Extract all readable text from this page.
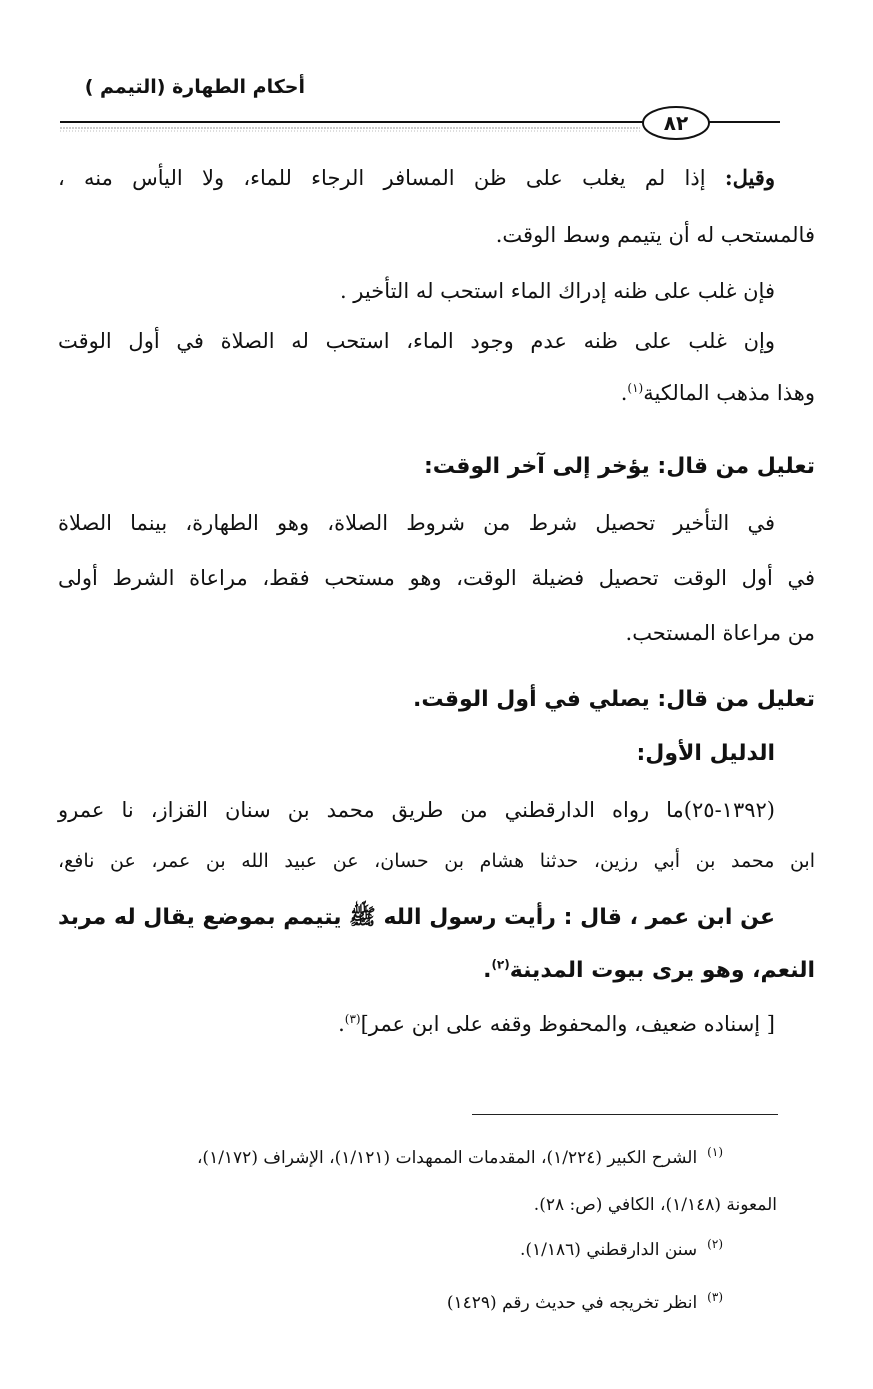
أحكام الطهارة (التيمم )
٨٢
وقيل: إذا لم يغلب على ظن المسافر الرجاء للماء، ولا اليأس منه ،
فالمستحب له أن يتيمم وسط الوقت.
فإن غلب على ظنه إدراك الماء استحب له التأخير .
وإن غلب على ظنه عدم وجود الماء، استحب له الصلاة في أول الوقت
وهذا مذهب المالكية$^{(١)}$.
تعليل من قال: يؤخر إلى آخر الوقت:
في التأخير تحصيل شرط من شروط الصلاة، وهو الطهارة، بينما الصلاة
في أول الوقت تحصيل فضيلة الوقت، وهو مستحب فقط، مراعاة الشرط أولى
من مراعاة المستحب.
تعليل من قال: يصلي في أول الوقت.
الدليل الأول:
(١٣٩٢-٢٥)ما رواه الدارقطني من طريق محمد بن سنان القزاز، نا عمرو
ابن محمد بن أبي رزين، حدثنا هشام بن حسان، عن عبيد الله بن عمر، عن نافع،
عن ابن عمر ، قال : رأيت رسول الله ﷺ يتيمم بموضع يقال له مربد
النعم، وهو يرى بيوت المدينة$^{(٢)}$.
[ إسناده ضعيف، والمحفوظ وقفه على ابن عمر]$^{(٣)}$.
$^{(١)}$الشرح الكبير (١/٢٢٤)، المقدمات الممهدات (١/١٢١)، الإشراف (١/١٧٢)،
المعونة (١/١٤٨)، الكافي (ص: ٢٨).
$^{(٢)}$سنن الدارقطني (١/١٨٦).
$^{(٣)}$انظر تخريجه في حديث رقم (١٤٢٩)
